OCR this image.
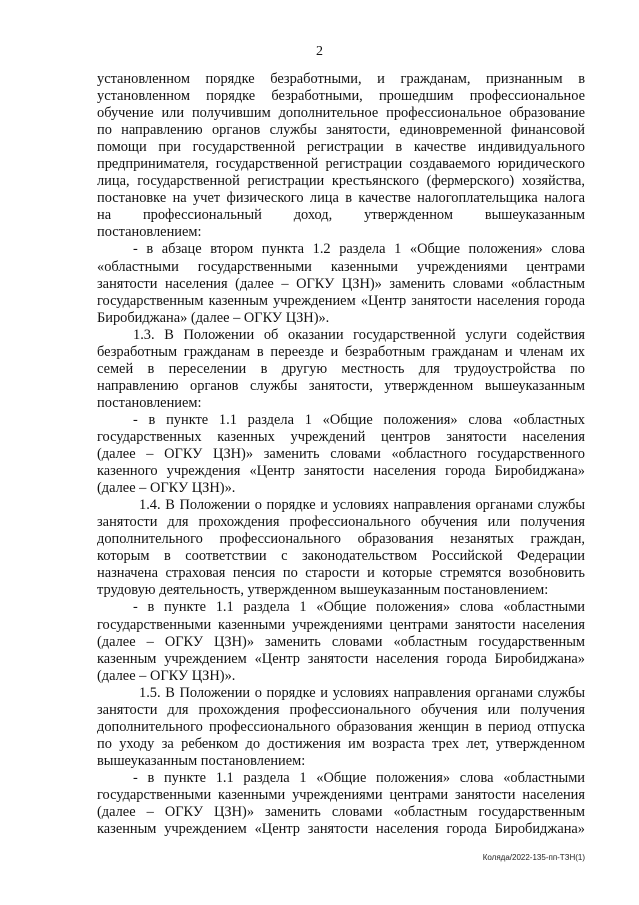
2
установленном порядке безработными, и гражданам, признанным в
установленном порядке безработными, прошедшим профессиональное
обучение или получившим дополнительное профессиональное образование
по направлению органов службы занятости, единовременной финансовой
помощи при государственной регистрации в качестве индивидуального
предпринимателя, государственной регистрации создаваемого юридического
лица, государственной регистрации крестьянского (фермерского) хозяйства,
постановке на учет физического лица в качестве налогоплательщика налога
на профессиональный доход, утвержденном вышеуказанным
постановлением:
- в абзаце втором пункта 1.2 раздела 1 «Общие положения» слова
«областными государственными казенными учреждениями центрами
занятости населения (далее – ОГКУ ЦЗН)» заменить словами «областным
государственным казенным учреждением «Центр занятости населения города
Биробиджана» (далее – ОГКУ ЦЗН)».
1.3. В Положении об оказании государственной услуги содействия
безработным гражданам в переезде и безработным гражданам и членам их
семей в переселении в другую местность для трудоустройства по
направлению органов службы занятости, утвержденном вышеуказанным
постановлением:
- в пункте 1.1 раздела 1 «Общие положения» слова «областных
государственных казенных учреждений центров занятости населения
(далее – ОГКУ ЦЗН)» заменить словами «областного государственного
казенного учреждения «Центр занятости населения города Биробиджана»
(далее – ОГКУ ЦЗН)».
1.4. В Положении о порядке и условиях направления органами службы
занятости для прохождения профессионального обучения или получения
дополнительного профессионального образования незанятых граждан,
которым в соответствии с законодательством Российской Федерации
назначена страховая пенсия по старости и которые стремятся возобновить
трудовую деятельность, утвержденном вышеуказанным постановлением:
- в пункте 1.1 раздела 1 «Общие положения» слова «областными
государственными казенными учреждениями центрами занятости населения
(далее – ОГКУ ЦЗН)» заменить словами «областным государственным
казенным учреждением «Центр занятости населения города Биробиджана»
(далее – ОГКУ ЦЗН)».
1.5. В Положении о порядке и условиях направления органами службы
занятости для прохождения профессионального обучения или получения
дополнительного профессионального образования женщин в период отпуска
по уходу за ребенком до достижения им возраста трех лет, утвержденном
вышеуказанным постановлением:
- в пункте 1.1 раздела 1 «Общие положения» слова «областными
государственными казенными учреждениями центрами занятости населения
(далее – ОГКУ ЦЗН)» заменить словами «областным государственным
казенным учреждением «Центр занятости населения города Биробиджана»
Коляда/2022-135-пп-ТЗН(1)
